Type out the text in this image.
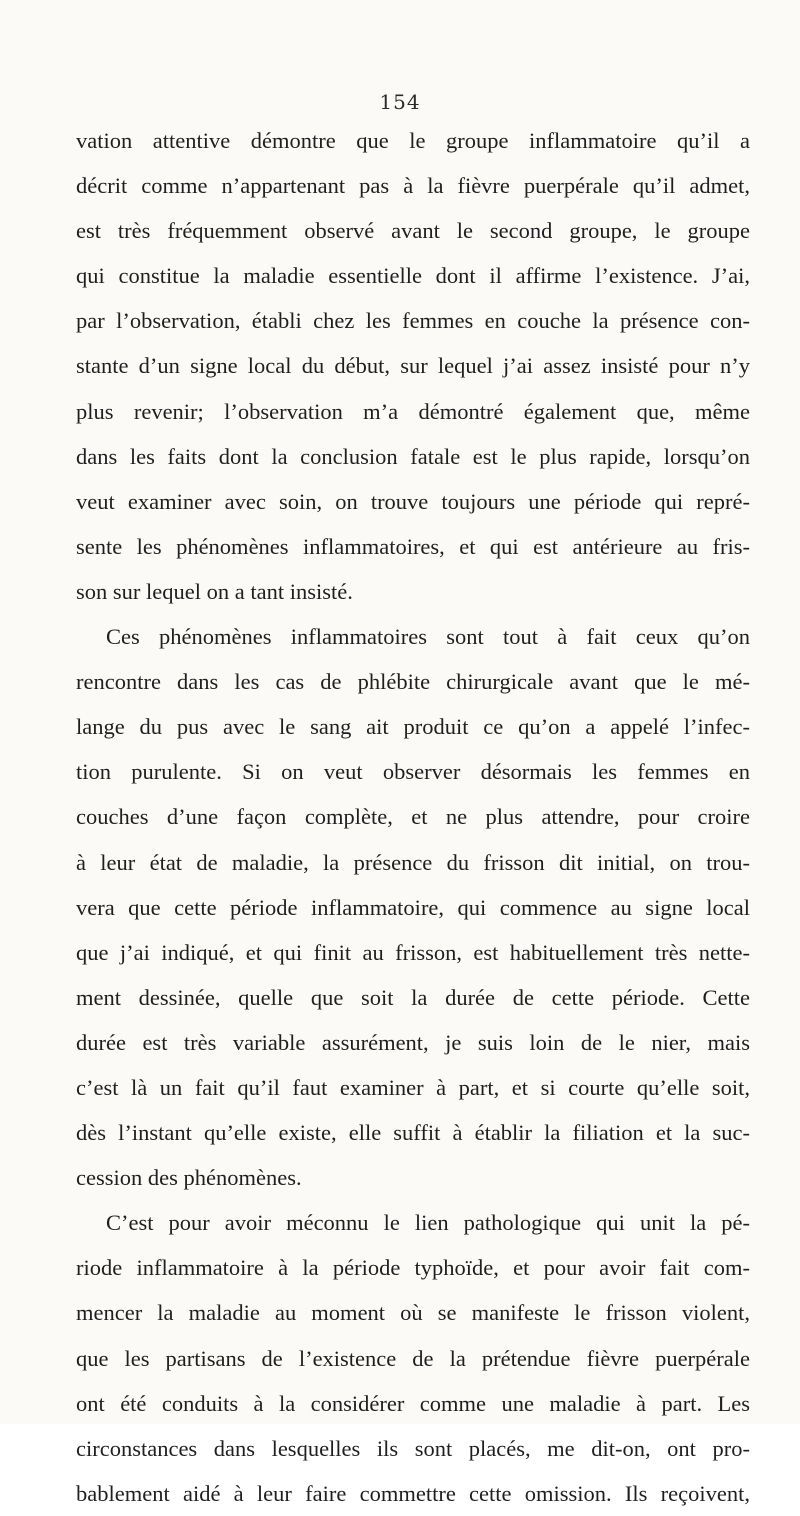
154
vation attentive démontre que le groupe inflammatoire qu’il a
décrit comme n’appartenant pas à la fièvre puerpérale qu’il admet,
est très fréquemment observé avant le second groupe, le groupe
qui constitue la maladie essentielle dont il affirme l’existence. J’ai,
par l’observation, établi chez les femmes en couche la présence con-
stante d’un signe local du début, sur lequel j’ai assez insisté pour n’y
plus revenir; l’observation m’a démontré également que, même
dans les faits dont la conclusion fatale est le plus rapide, lorsqu’on
veut examiner avec soin, on trouve toujours une période qui repré-
sente les phénomènes inflammatoires, et qui est antérieure au fris-
son sur lequel on a tant insisté.
Ces phénomènes inflammatoires sont tout à fait ceux qu’on
rencontre dans les cas de phlébite chirurgicale avant que le mé-
lange du pus avec le sang ait produit ce qu’on a appelé l’infec-
tion purulente. Si on veut observer désormais les femmes en
couches d’une façon complète, et ne plus attendre, pour croire
à leur état de maladie, la présence du frisson dit initial, on trou-
vera que cette période inflammatoire, qui commence au signe local
que j’ai indiqué, et qui finit au frisson, est habituellement très nette-
ment dessinée, quelle que soit la durée de cette période. Cette
durée est très variable assurément, je suis loin de le nier, mais
c’est là un fait qu’il faut examiner à part, et si courte qu’elle soit,
dès l’instant qu’elle existe, elle suffit à établir la filiation et la suc-
cession des phénomènes.
C’est pour avoir méconnu le lien pathologique qui unit la pé-
riode inflammatoire à la période typhoïde, et pour avoir fait com-
mencer la maladie au moment où se manifeste le frisson violent,
que les partisans de l’existence de la prétendue fièvre puerpérale
ont été conduits à la considérer comme une maladie à part. Les
circonstances dans lesquelles ils sont placés, me dit-on, ont pro-
bablement aidé à leur faire commettre cette omission. Ils reçoivent,
